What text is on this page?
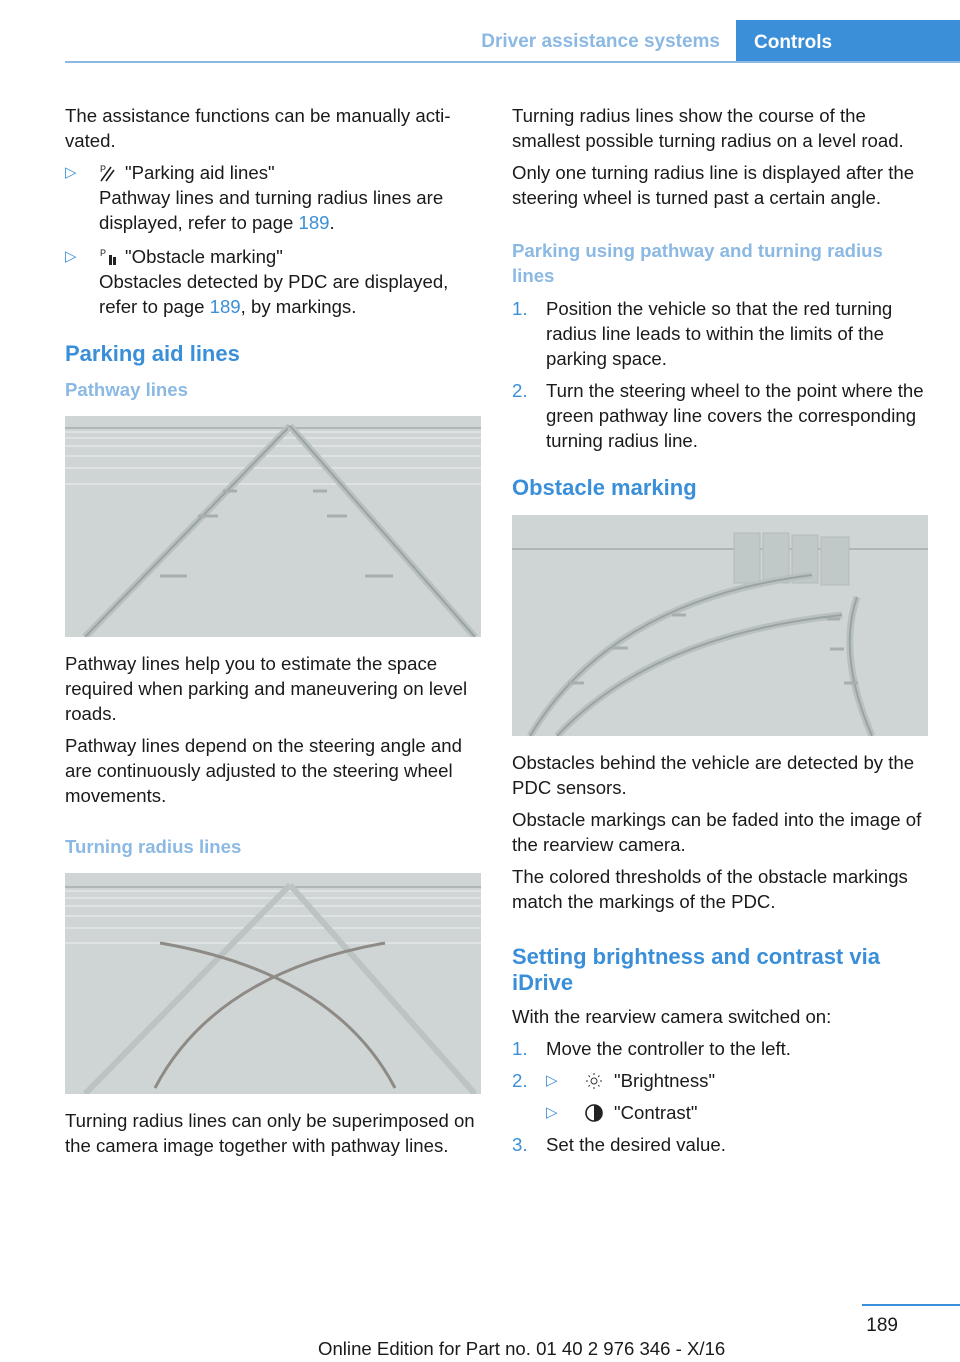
Driver assistance systems	Controls

The assistance functions can be manually activated.

▷	P "Parking aid lines"
Pathway lines and turning radius lines are displayed, refer to page 189.
▷	P "Obstacle marking"
Obstacles detected by PDC are displayed, refer to page 189, by markings.
Parking aid lines
Pathway lines

Pathway lines help you to estimate the space required when parking and maneuvering on level roads.

Pathway lines depend on the steering angle and are continuously adjusted to the steering wheel movements.

Turning radius lines

Turning radius lines can only be superimposed on the camera image together with pathway lines.

Turning radius lines show the course of the smallest possible turning radius on a level road.

Only one turning radius line is displayed after the steering wheel is turned past a certain angle.

Parking using pathway and turning radius lines
1. Position the vehicle so that the red turning radius line leads to within the limits of the parking space.
2. Turn the steering wheel to the point where the green pathway line covers the corresponding turning radius line.
Obstacle marking

Obstacles behind the vehicle are detected by the PDC sensors.

Obstacle markings can be faded into the image of the rearview camera.

The colored thresholds of the obstacle markings match the markings of the PDC.

Setting brightness and contrast via iDrive

With the rearview camera switched on:

1. Move the controller to the left.
2. ▷	"Brightness"
▷	"Contrast"
3. Set the desired value.
189
Online Edition for Part no. 01 40 2 976 346 - X/16
